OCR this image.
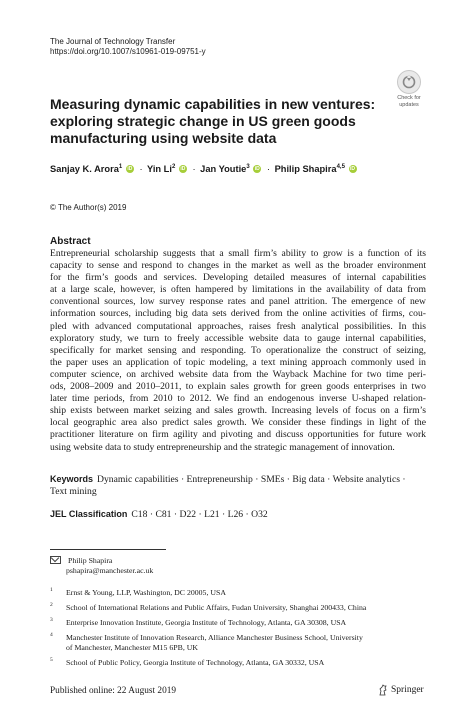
The Journal of Technology Transfer
https://doi.org/10.1007/s10961-019-09751-y
Check for
updates
Measuring dynamic capabilities in new ventures: exploring strategic change in US green goods manufacturing using website data
Sanjay K. Arora$^1$	iD · Yin Li$^2$	iD · Jan Youtie$^3$	iD · Philip Shapira$^{4,5}$	iD
© The Author(s) 2019
Abstract
Entrepreneurial scholarship suggests that a small firm’s ability to grow is a function of its
capacity to sense and respond to changes in the market as well as the broader environment
for the firm’s goods and services. Developing detailed measures of internal capabilities
at a large scale, however, is often hampered by limitations in the availability of data from
conventional sources, low survey response rates and panel attrition. The emergence of new
information sources, including big data sets derived from the online activities of firms, cou-
pled with advanced computational approaches, raises fresh analytical possibilities. In this
exploratory study, we turn to freely accessible website data to gauge internal capabilities,
specifically for market sensing and responding. To operationalize the construct of seizing,
the paper uses an application of topic modeling, a text mining approach commonly used in
computer science, on archived website data from the Wayback Machine for two time peri-
ods, 2008–2009 and 2010–2011, to explain sales growth for green goods enterprises in two
later time periods, from 2010 to 2012. We find an endogenous inverse U-shaped relation-
ship exists between market seizing and sales growth. Increasing levels of focus on a firm’s
local geographic area also predict sales growth. We consider these findings in light of the
practitioner literature on firm agility and pivoting and discuss opportunities for future work
using website data to study entrepreneurship and the strategic management of innovation.
Keywords Dynamic capabilities · Entrepreneurship · SMEs · Big data · Website analytics ·
Text mining
JEL Classification C18 · C81 · D22 · L21 · L26 · O32
Philip Shapira
pshapira@manchester.ac.uk
1	Ernst & Young, LLP, Washington, DC 20005, USA
2	School of International Relations and Public Affairs, Fudan University, Shanghai 200433, China
3	Enterprise Innovation Institute, Georgia Institute of Technology, Atlanta, GA 30308, USA
4	Manchester Institute of Innovation Research, Alliance Manchester Business School, University
of Manchester, Manchester M15 6PB, UK
5	School of Public Policy, Georgia Institute of Technology, Atlanta, GA 30332, USA
Published online: 22 August 2019	Springer
